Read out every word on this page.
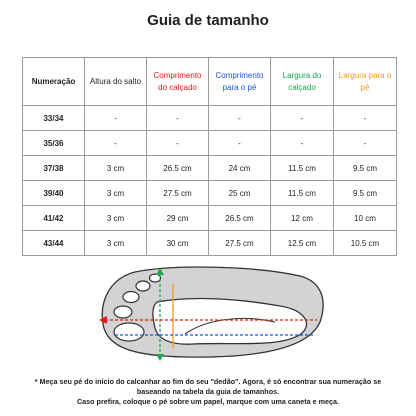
Guia de tamanho
Numeração	Altura do salto	Comprimento do calçado	Comprimento para o pé	Largura do calçado	Largura para o pé
33/34	-	-	-	-	-
35/36	-	-	-	-	-
37/38	3 cm	26.5 cm	24 cm	11.5 cm	9.5 cm
39/40	3 cm	27.5 cm	25 cm	11.5 cm	9.5 cm
41/42	3 cm	29 cm	26.5 cm	12 cm	10 cm
43/44	3 cm	30 cm	27.5 cm	12.5 cm	10.5 cm
* Meça seu pé do início do calcanhar ao fim do seu "dedão". Agora, é só encontrar sua numeração se
baseando na tabela da guia de tamanhos.
Caso prefira, coloque o pé sobre um papel, marque com uma caneta e meça.
